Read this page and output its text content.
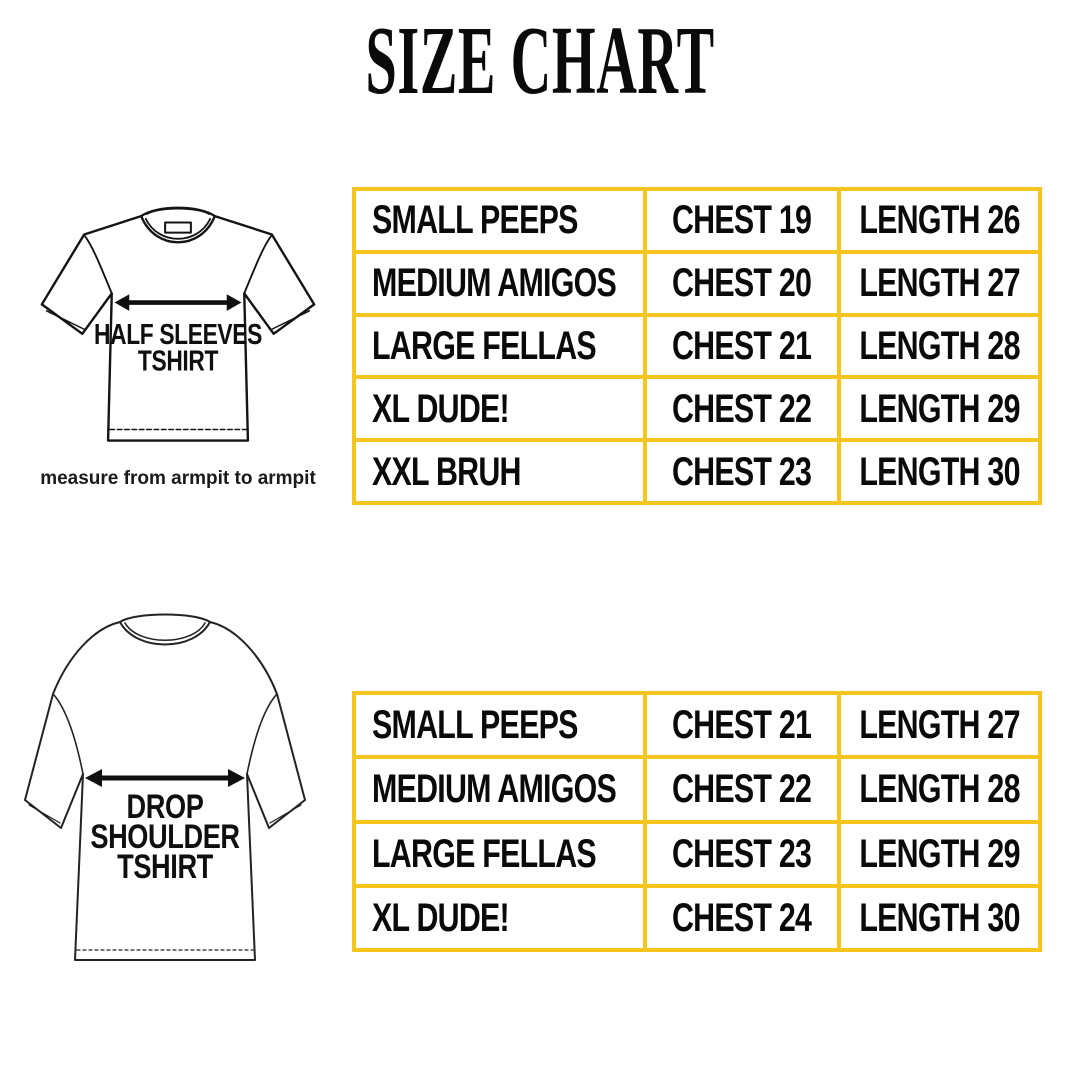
SIZE CHART
HALF SLEEVES
TSHIRT
measure from armpit to armpit
SMALL PEEPS CHEST 19 LENGTH 26
MEDIUM AMIGOS CHEST 20 LENGTH 27
LARGE FELLAS CHEST 21 LENGTH 28
XL DUDE!	CHEST 22 LENGTH 29
XXL BRUH	CHEST 23 LENGTH 30
DROP
SHOULDER
TSHIRT
SMALL PEEPS CHEST 21 LENGTH 27
MEDIUM AMIGOS CHEST 22 LENGTH 28
LARGE FELLAS CHEST 23 LENGTH 29
XL DUDE!	CHEST 24 LENGTH 30
